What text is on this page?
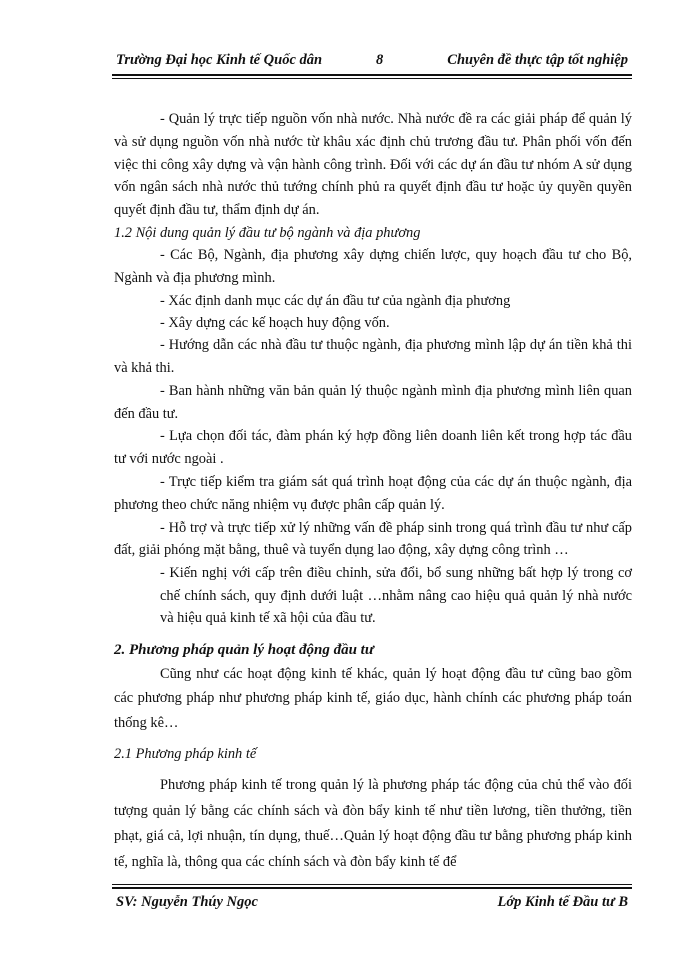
Trường Đại học Kinh tế Quốc dân	8	Chuyên đề thực tập tốt nghiệp

- Quản lý trực tiếp nguồn vốn nhà nước. Nhà nước đề ra các giải pháp để quản lý và sử dụng nguồn vốn nhà nước từ khâu xác định chủ trương đầu tư. Phân phối vốn đến việc thi công xây dựng và vận hành công trình. Đối với các dự án đầu tư nhóm A sử dụng vốn ngân sách nhà nước thủ tướng chính phủ ra quyết định đầu tư hoặc ủy quyền quyền quyết định đầu tư, thẩm định dự án.

1.2 Nội dung quản lý đầu tư bộ ngành và địa phương

- Các Bộ, Ngành, địa phương xây dựng chiến lược, quy hoạch đầu tư cho Bộ, Ngành và địa phương mình.

- Xác định danh mục các dự án đầu tư của ngành địa phương

- Xây dựng các kế hoạch huy động vốn.

- Hướng dẫn các nhà đầu tư thuộc ngành, địa phương mình lập dự án tiền khả thi và khả thi.

- Ban hành những văn bản quản lý thuộc ngành mình địa phương mình liên quan đến đầu tư.

- Lựa chọn đối tác, đàm phán ký hợp đồng liên doanh liên kết trong hợp tác đầu tư với nước ngoài .

- Trực tiếp kiểm tra giám sát quá trình hoạt động của các dự án thuộc ngành, địa phương theo chức năng nhiệm vụ được phân cấp quản lý.

- Hỗ trợ và trực tiếp xử lý những vấn đề pháp sinh trong quá trình đầu tư như cấp đất, giải phóng mặt bằng, thuê và tuyển dụng lao động, xây dựng công trình …

- Kiến nghị với cấp trên điều chỉnh, sửa đổi, bổ sung những bất hợp lý trong cơ chế chính sách, quy định dưới luật …nhằm nâng cao hiệu quả quản lý nhà nước và hiệu quả kinh tế xã hội của đầu tư.

2. Phương pháp quản lý hoạt động đầu tư

Cũng như các hoạt động kinh tế khác, quản lý hoạt động đầu tư cũng bao gồm các phương pháp như phương pháp kinh tế, giáo dục, hành chính các phương pháp toán thống kê…

2.1 Phương pháp kinh tế

Phương pháp kinh tế trong quản lý là phương pháp tác động của chủ thể vào đối tượng quản lý bằng các chính sách và đòn bẩy kinh tế như tiền lương, tiền thưởng, tiền phạt, giá cả, lợi nhuận, tín dụng, thuế…Quản lý hoạt động đầu tư bằng phương pháp kinh tế, nghĩa là, thông qua các chính sách và đòn bẩy kinh tế để

SV: Nguyễn Thúy Ngọc	Lớp Kinh tế Đầu tư B
